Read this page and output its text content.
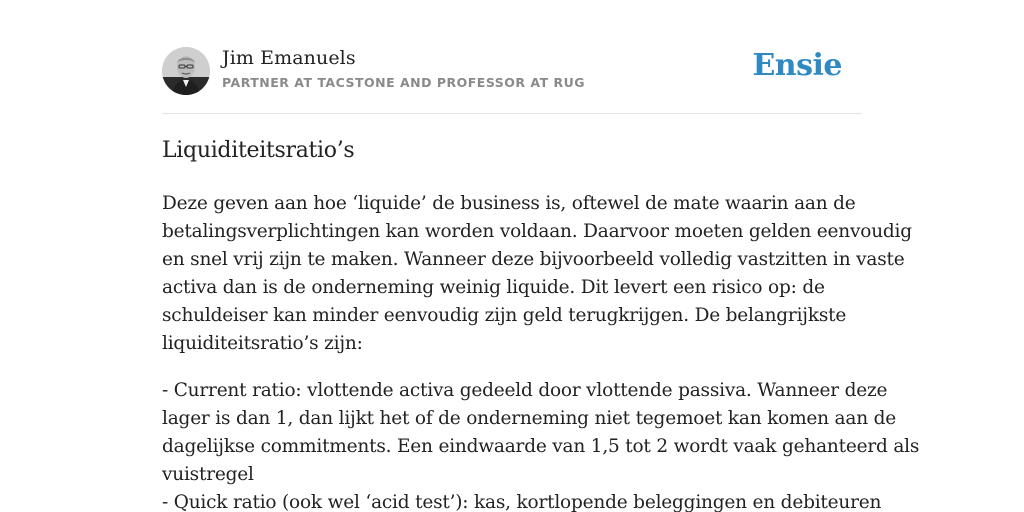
Jim Emanuels
PARTNER AT TACSTONE AND PROFESSOR AT RUG	Ensie
Liquiditeitsratio’s
Deze geven aan hoe ‘liquide’ de business is, oftewel de mate waarin aan de
betalingsverplichtingen kan worden voldaan. Daarvoor moeten gelden eenvoudig
en snel vrij zijn te maken. Wanneer deze bijvoorbeeld volledig vastzitten in vaste
activa dan is de onderneming weinig liquide. Dit levert een risico op: de
schuldeiser kan minder eenvoudig zijn geld terugkrijgen. De belangrijkste
liquiditeitsratio’s zijn:
- Current ratio: vlottende activa gedeeld door vlottende passiva. Wanneer deze
lager is dan 1, dan lijkt het of de onderneming niet tegemoet kan komen aan de
dagelijkse commitments. Een eindwaarde van 1,5 tot 2 wordt vaak gehanteerd als
vuistregel
- Quick ratio (ook wel ‘acid test’): kas, kortlopende beleggingen en debiteuren
